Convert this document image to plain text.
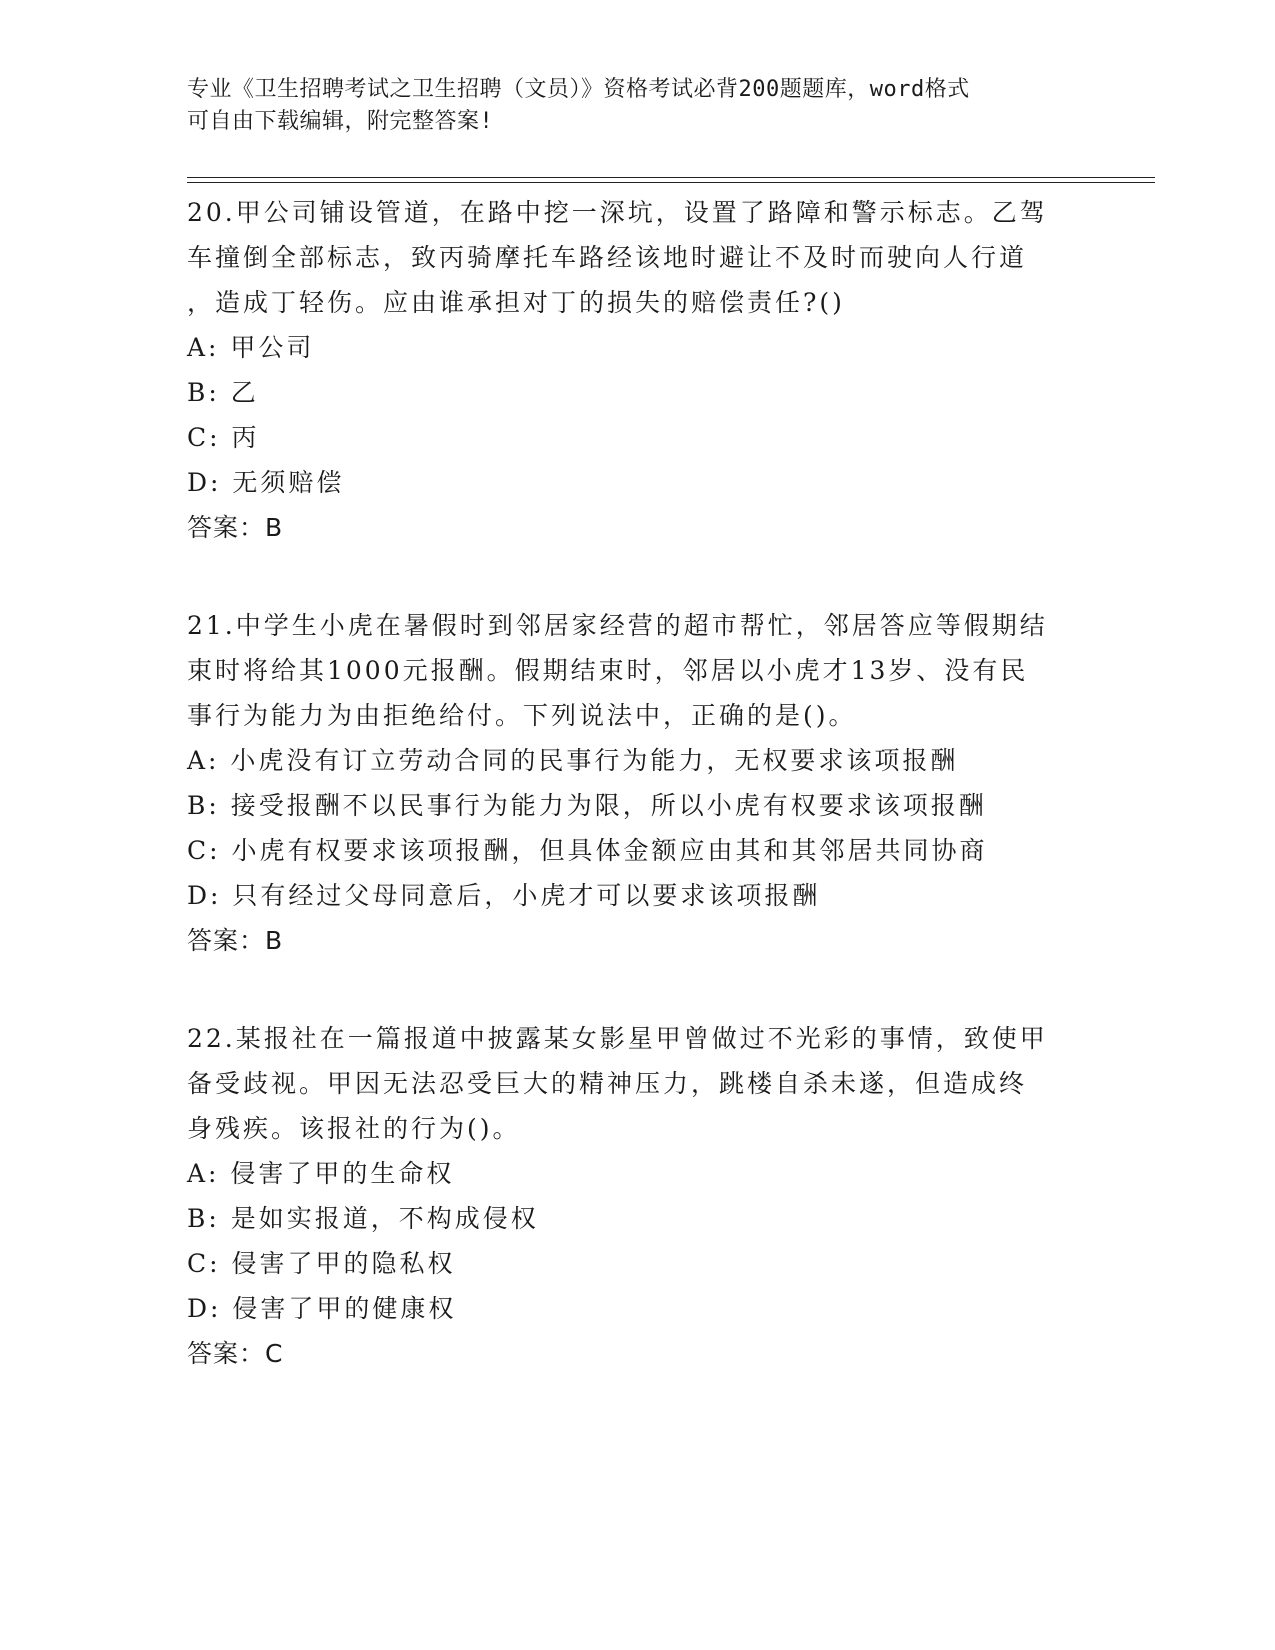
专业《卫生招聘考试之卫生招聘（文员）》资格考试必背200题题库，word格式
可自由下载编辑，附完整答案!
20.甲公司铺设管道，在路中挖一深坑，设置了路障和警示标志。乙驾
车撞倒全部标志，致丙骑摩托车路经该地时避让不及时而驶向人行道
，造成丁轻伤。应由谁承担对丁的损失的赔偿责任?()
A: 甲公司
B: 乙
C: 丙
D: 无须赔偿
答案：B
21.中学生小虎在暑假时到邻居家经营的超市帮忙，邻居答应等假期结
束时将给其1000元报酬。假期结束时，邻居以小虎才13岁、没有民
事行为能力为由拒绝给付。下列说法中，正确的是()。
A: 小虎没有订立劳动合同的民事行为能力，无权要求该项报酬
B: 接受报酬不以民事行为能力为限，所以小虎有权要求该项报酬
C: 小虎有权要求该项报酬，但具体金额应由其和其邻居共同协商
D: 只有经过父母同意后，小虎才可以要求该项报酬
答案：B
22.某报社在一篇报道中披露某女影星甲曾做过不光彩的事情，致使甲
备受歧视。甲因无法忍受巨大的精神压力，跳楼自杀未遂，但造成终
身残疾。该报社的行为()。
A: 侵害了甲的生命权
B: 是如实报道，不构成侵权
C: 侵害了甲的隐私权
D: 侵害了甲的健康权
答案：C
